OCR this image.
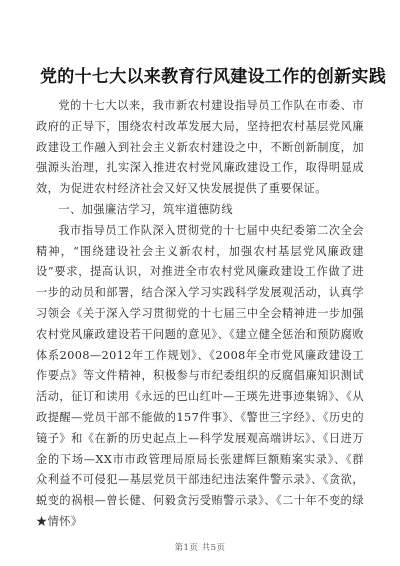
党的十七大以来教育行风建设工作的创新实践

党的十七大以来，我市新农村建设指导员工作队在市委、市政府的正导下，围绕农村改革发展大局，坚持把农村基层党风廉政建设工作融入到社会主义新农村建设之中，不断创新制度，加强源头治理，扎实深入推进农村党风廉政建设工作，取得明显成效，为促进农村经济社会又好又快发展提供了重要保证。

一、加强廉洁学习，筑牢道德防线

我市指导员工作队深入贯彻党的十七届中央纪委第二次全会精神，“围绕建设社会主义新农村，加强农村基层党风廉政建设”要求，提高认识，对推进全市农村党风廉政建设工作做了进一步的动员和部署，结合深入学习实践科学发展观活动，认真学习领会《关于深入学习贯彻党的十七届三中全会精神进一步加强农村党风廉政建设若干问题的意见》、《建立健全惩治和预防腐败体系2008—2012年工作规划》、《2008年全市党风廉政建设工作要点》等文件精神，积极参与市纪委组织的反腐倡廉知识测试活动，征订和读用《永远的巴山红叶—王瑛先进事迹集锦》、《从政提醒—党员干部不能做的157件事》、《警世三字经》、《历史的镜子》和《在新的历史起点上—科学发展观高端讲坛》、《日进万金的下场—XX市市政管理局原局长张建辉巨额贿案实录》、《群众利益不可侵犯—基层党员干部违纪违法案件警示录》、《贪欲，蜕变的祸根—曾长健、何毅贪污受贿警示录》、《二十年不变的绿★情怀》

第1页 共5页
